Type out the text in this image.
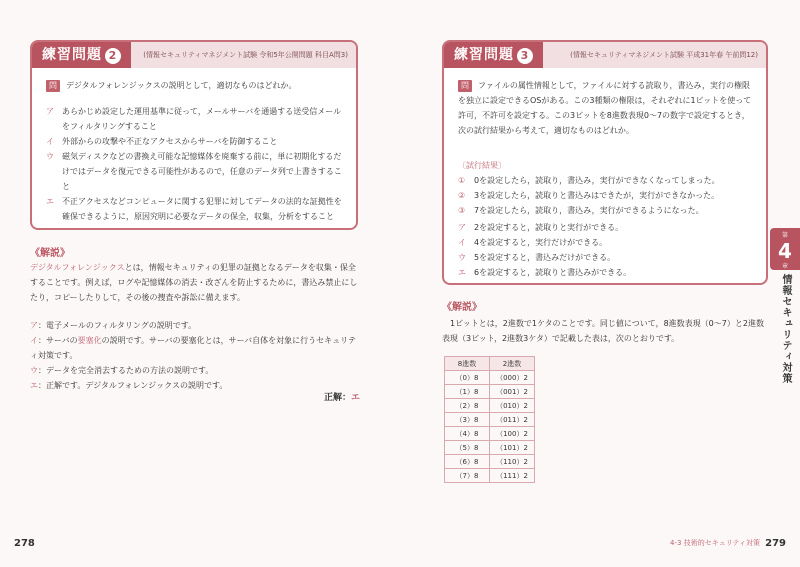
練習問題 2	(情報セキュリティマネジメント試験 令和5年公開問題 科目A問3)
問 デジタルフォレンジックスの説明として，適切なものはどれか。
ア	あらかじめ設定した運用基準に従って，メールサーバを通過する送受信メールをフィルタリングすること
イ	外部からの攻撃や不正なアクセスからサーバを防御すること
ウ	磁気ディスクなどの書換え可能な記憶媒体を廃棄する前に，単に初期化するだけではデータを復元できる可能性があるので，任意のデータ列で上書きすること
エ	不正アクセスなどコンピュータに関する犯罪に対してデータの法的な証拠性を確保できるように，原因究明に必要なデータの保全，収集，分析をすること
《解説》
デジタルフォレンジックスとは，情報セキュリティの犯罪の証拠となるデータを収集・保全することです。例えば，ログや記憶媒体の消去・改ざんを防止するために，書込み禁止にしたり，コピーしたりして，その後の捜査や訴訟に備えます。
ア ：電子メールのフィルタリングの説明です。
イ：サーバの要塞化の説明です。サーバの要塞化とは，サーバ自体を対象に行うセキュリティ対策です。
ウ ：データを完全消去するための方法の説明です。
エ ：正解です。デジタルフォレンジックスの説明です。
正解：エ
278
練習問題 3	(情報セキュリティマネジメント試験 平成31年春 午前問12)
問 ファイルの属性情報として，ファイルに対する読取り，書込み，実行の権限を独立に設定できるOSがある。この3種類の権限は，それぞれに1ビットを使って許可，不許可を設定する。この3ビットを8進数表現0～7の数字で設定するとき，次の試行結果から考えて，適切なものはどれか。
〔試行結果〕
①	0を設定したら，読取り，書込み，実行ができなくなってしまった。
②	3を設定したら，読取りと書込みはできたが，実行ができなかった。
③	7を設定したら，読取り，書込み，実行ができるようになった。
ア	2を設定すると，読取りと実行ができる。
イ	4を設定すると，実行だけができる。
ウ	5を設定すると，書込みだけができる。
エ	6を設定すると，読取りと書込みができる。
《解説》
1ビットとは，2進数で1ケタのことです。同じ値について，8進数表現（0～7）と2進数表現（3ビット，2進数3ケタ）で記載した表は，次のとおりです。
8進数	2進数
（0）8	（000）2
（1）8	（001）2
（2）8	（010）2
（3）8	（011）2
（4）8	（100）2
（5）8	（101）2
（6）8	（110）2
（7）8	（111）2
4-3 技術的セキュリティ対策 279
第
4
章
情報セキュリティ対策
